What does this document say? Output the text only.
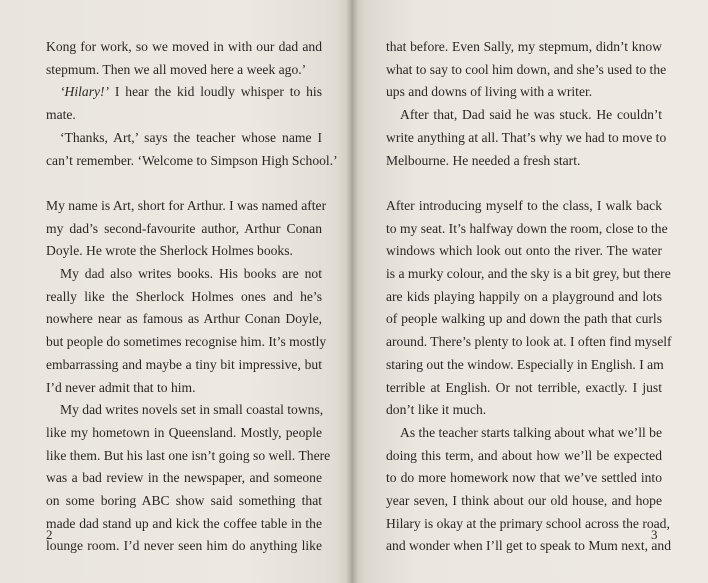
Kong for work, so we moved in with our dad and
stepmum. Then we all moved here a week ago.’
‘Hilary!’ I hear the kid loudly whisper to his
mate.
‘Thanks, Art,’ says the teacher whose name I
can’t remember. ‘Welcome to Simpson High School.’
My name is Art, short for Arthur. I was named after
my dad’s second-favourite author, Arthur Conan
Doyle. He wrote the Sherlock Holmes books.
My dad also writes books. His books are not
really like the Sherlock Holmes ones and he’s
nowhere near as famous as Arthur Conan Doyle,
but people do sometimes recognise him. It’s mostly
embarrassing and maybe a tiny bit impressive, but
I’d never admit that to him.
My dad writes novels set in small coastal towns,
like my hometown in Queensland. Mostly, people
like them. But his last one isn’t going so well. There
was a bad review in the newspaper, and someone
on some boring ABC show said something that
made dad stand up and kick the coffee table in the
lounge room. I’d never seen him do anything like
2
that before. Even Sally, my stepmum, didn’t know
what to say to cool him down, and she’s used to the
ups and downs of living with a writer.
After that, Dad said he was stuck. He couldn’t
write anything at all. That’s why we had to move to
Melbourne. He needed a fresh start.
After introducing myself to the class, I walk back
to my seat. It’s halfway down the room, close to the
windows which look out onto the river. The water
is a murky colour, and the sky is a bit grey, but there
are kids playing happily on a playground and lots
of people walking up and down the path that curls
around. There’s plenty to look at. I often find myself
staring out the window. Especially in English. I am
terrible at English. Or not terrible, exactly. I just
don’t like it much.
As the teacher starts talking about what we’ll be
doing this term, and about how we’ll be expected
to do more homework now that we’ve settled into
year seven, I think about our old house, and hope
Hilary is okay at the primary school across the road,
and wonder when I’ll get to speak to Mum next, and
3
